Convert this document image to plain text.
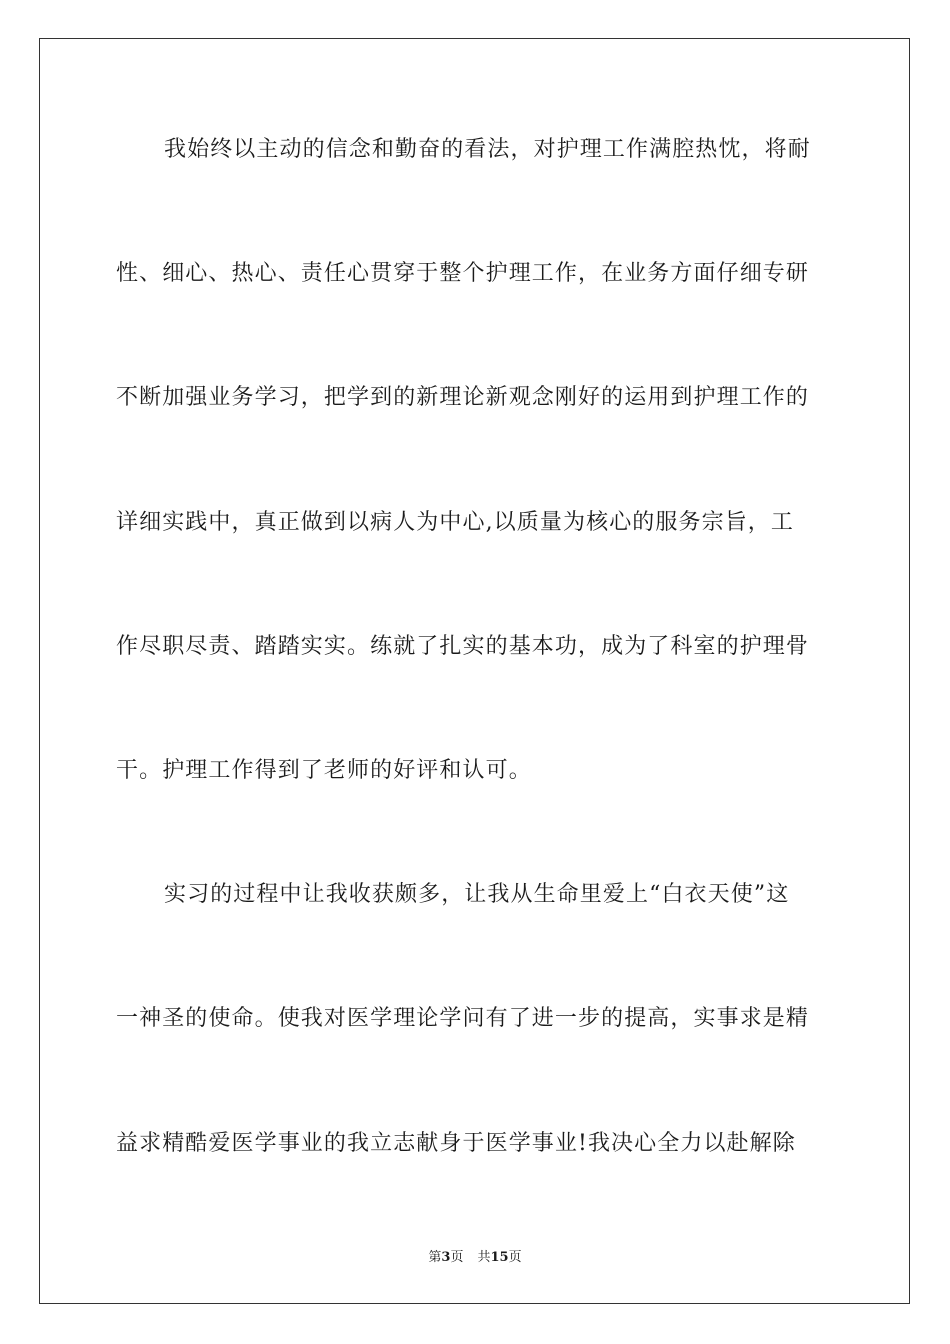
我始终以主动的信念和勤奋的看法，对护理工作满腔热忱，将耐
性、细心、热心、责任心贯穿于整个护理工作，在业务方面仔细专研
不断加强业务学习，把学到的新理论新观念刚好的运用到护理工作的
详细实践中，真正做到以病人为中心,以质量为核心的服务宗旨，工
作尽职尽责、踏踏实实。练就了扎实的基本功，成为了科室的护理骨
干。护理工作得到了老师的好评和认可。
实习的过程中让我收获颇多，让我从生命里爱上“白衣天使”这
一神圣的使命。使我对医学理论学问有了进一步的提高，实事求是精
益求精酷爱医学事业的我立志献身于医学事业!我决心全力以赴解除
第3页 共15页
